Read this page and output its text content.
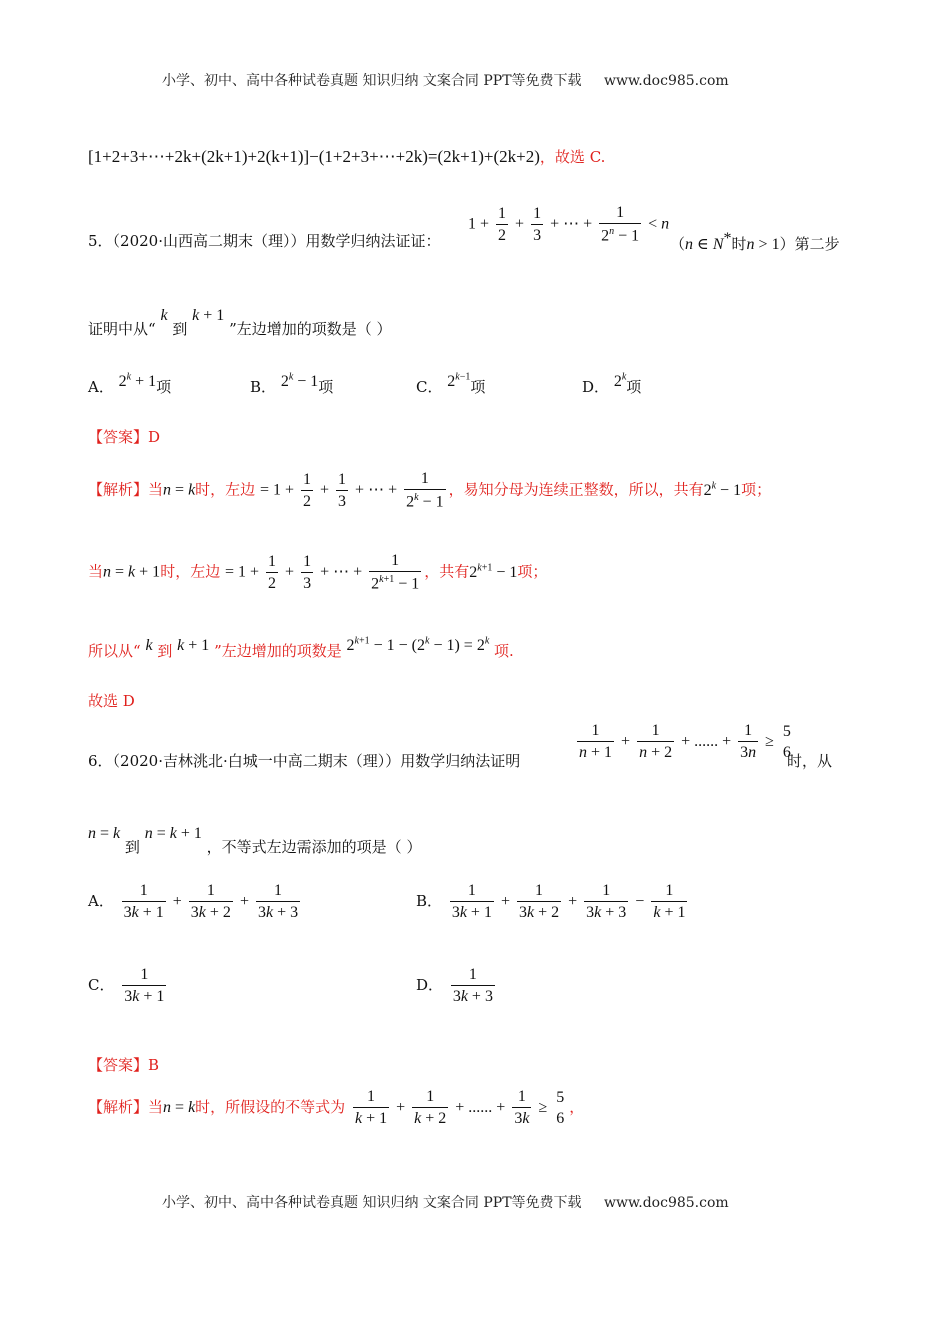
小学、初中、高中各种试卷真题 知识归纳 文案合同 PPT等免费下载 www.doc985.com
[1+2+3+⋯+2k+(2k+1)+2(k+1)]−(1+2+3+⋯+2k)=(2k+1)+(2k+2)，故选 C.
5．（2020·山西高二期末（理））用数学归纳法证证：
$1 + \frac{1}{2} + \frac{1}{3}$ + ⋯ + $\frac{1}{2^n - 1} < n$
（n ∈ N*时n > 1）第二步
证明中从“ k 到 k + 1 ”左边增加的项数是（ ）
A． $2^k + 1$项	B． $2^k - 1$项	C． $2^{k-1}$项	D． 2$^k$项
【答案】D
【解析】当n = k时，左边 = $1 + \frac{1}{2} + \frac{1}{3}$ + ⋯ + $\frac{1}{2^k - 1}$ ，易知分母为连续正整数，所以，共有$2^k - 1$项；
当n = k + 1时，左边 = $1 + \frac{1}{2} + \frac{1}{3}$ + ⋯ + $\frac{1}{2^{k+1} - 1}$ ，共有$2^{k+1} - 1$项；
所以从“ k 到 k + 1 ”左边增加的项数是 $2^{k+1} - 1 - (2^k - 1) = 2^k$ 项.
故选 D
6．（2020·吉林洮北·白城一中高二期末（理））用数学归纳法证明	$\frac{1}{n + 1} + \frac{1}{n + 2}$ + ...... + $\frac{1}{3n}$ ≥
5
6
时，从
n = k 到 n = k + 1 ，不等式左边需添加的项是（ ）
A． $\frac{1}{3k + 1} + \frac{1}{3k + 2} + \frac{1}{3k + 3}$	B． $\frac{1}{3k + 1} + \frac{1}{3k + 2} + \frac{1}{3k + 3} - \frac{1}{k + 1}$
C． $\frac{1}{3k + 1}$	D． $\frac{1}{3k + 3}$
【答案】B
【解析】当n = k时，所假设的不等式为 $\frac{1}{k + 1} + \frac{1}{k + 2}$ + ...... + $\frac{1}{3k}$ ≥
5
6
，
小学、初中、高中各种试卷真题 知识归纳 文案合同 PPT等免费下载 www.doc985.com
